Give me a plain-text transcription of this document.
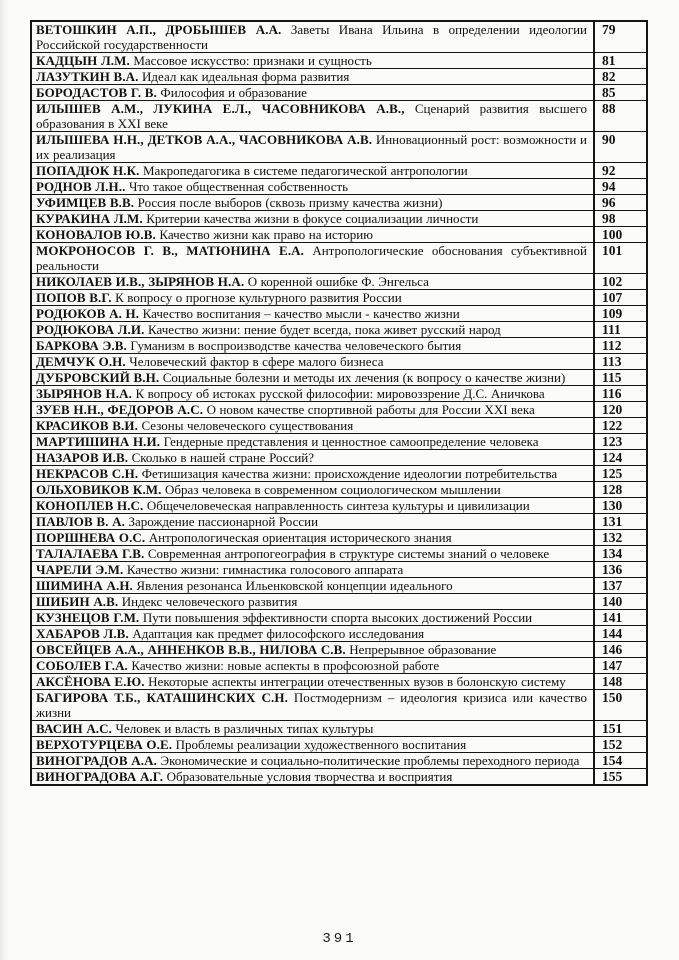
ВЕТОШКИН А.П., ДРОБЫШЕВ А.А. Заветы Ивана Ильина в определении идеологии Российской государственности	79
КАДЦЫН Л.М. Массовое искусство: признаки и сущность	81
ЛАЗУТКИН В.А. Идеал как идеальная форма развития	82
БОРОДАСТОВ Г. В. Философия и образование	85
ИЛЫШЕВ А.М., ЛУКИНА Е.Л., ЧАСОВНИКОВА А.В., Сценарий развития высшего образования в XXI веке	88
ИЛЫШЕВА Н.Н., ДЕТКОВ А.А., ЧАСОВНИКОВА А.В. Инновационный рост: возможности и их реализация	90
ПОПАДЮК Н.К. Макропедагогика в системе педагогической антропологии	92
РОДНОВ Л.Н.. Что такое общественная собственность	94
УФИМЦЕВ В.В. Россия после выборов (сквозь призму качества жизни)	96
КУРАКИНА Л.М. Критерии качества жизни в фокусе социализации личности	98
КОНОВАЛОВ Ю.В. Качество жизни как право на историю	100
МОКРОНОСОВ Г. В., МАТЮНИНА Е.А. Антропологические обоснования субъективной реальности	101
НИКОЛАЕВ И.В., ЗЫРЯНОВ Н.А. О коренной ошибке Ф. Энгельса	102
ПОПОВ В.Г. К вопросу о прогнозе культурного развития России	107
РОДЮКОВ А. Н. Качество воспитания – качество мысли - качество жизни	109
РОДЮКОВА Л.И. Качество жизни: пение будет всегда, пока живет русский народ	111
БАРКОВА Э.В. Гуманизм в воспроизводстве качества человеческого бытия	112
ДЕМЧУК О.Н. Человеческий фактор в сфере малого бизнеса	113
ДУБРОВСКИЙ В.Н. Социальные болезни и методы их лечения (к вопросу о качестве жизни)	115
ЗЫРЯНОВ Н.А. К вопросу об истоках русской философии: мировоззрение Д.С. Аничкова	116
ЗУЕВ Н.Н., ФЕДОРОВ А.С. О новом качестве спортивной работы для России XXI века	120
КРАСИКОВ В.И. Сезоны человеческого существования	122
МАРТИШИНА Н.И. Гендерные представления и ценностное самоопределение человека	123
НАЗАРОВ И.В. Сколько в нашей стране Россий?	124
НЕКРАСОВ С.Н. Фетишизация качества жизни: происхождение идеологии потребительства	125
ОЛЬХОВИКОВ К.М. Образ человека в современном социологическом мышлении	128
КОНОПЛЕВ Н.С. Общечеловеческая направленность синтеза культуры и цивилизации	130
ПАВЛОВ В. А. Зарождение пассионарной России	131
ПОРШНЕВА О.С. Антропологическая ориентация исторического знания	132
ТАЛАЛАЕВА Г.В. Современная антропогеография в структуре системы знаний о человеке	134
ЧАРЕЛИ Э.М. Качество жизни: гимнастика голосового аппарата	136
ШИМИНА А.Н. Явления резонанса Ильенковской концепции идеального	137
ШИБИН А.В. Индекс человеческого развития	140
КУЗНЕЦОВ Г.М. Пути повышения эффективности спорта высоких достижений России	141
ХАБАРОВ Л.В. Адаптация как предмет философского исследования	144
ОВСЕЙЦЕВ А.А., АННЕНКОВ В.В., НИЛОВА С.В. Непрерывное образование	146
СОБОЛЕВ Г.А. Качество жизни: новые аспекты в профсоюзной работе	147
АКСЁНОВА Е.Ю. Некоторые аспекты интеграции отечественных вузов в болонскую систему	148
БАГИРОВА Т.Б., КАТАШИНСКИХ С.Н. Постмодернизм – идеология кризиса или качество жизни	150
ВАСИН А.С. Человек и власть в различных типах культуры	151
ВЕРХОТУРЦЕВА О.Е. Проблемы реализации художественного воспитания	152
ВИНОГРАДОВ А.А. Экономические и социально-политические проблемы переходного периода	154
ВИНОГРАДОВА А.Г. Образовательные условия творчества и восприятия	155
391
